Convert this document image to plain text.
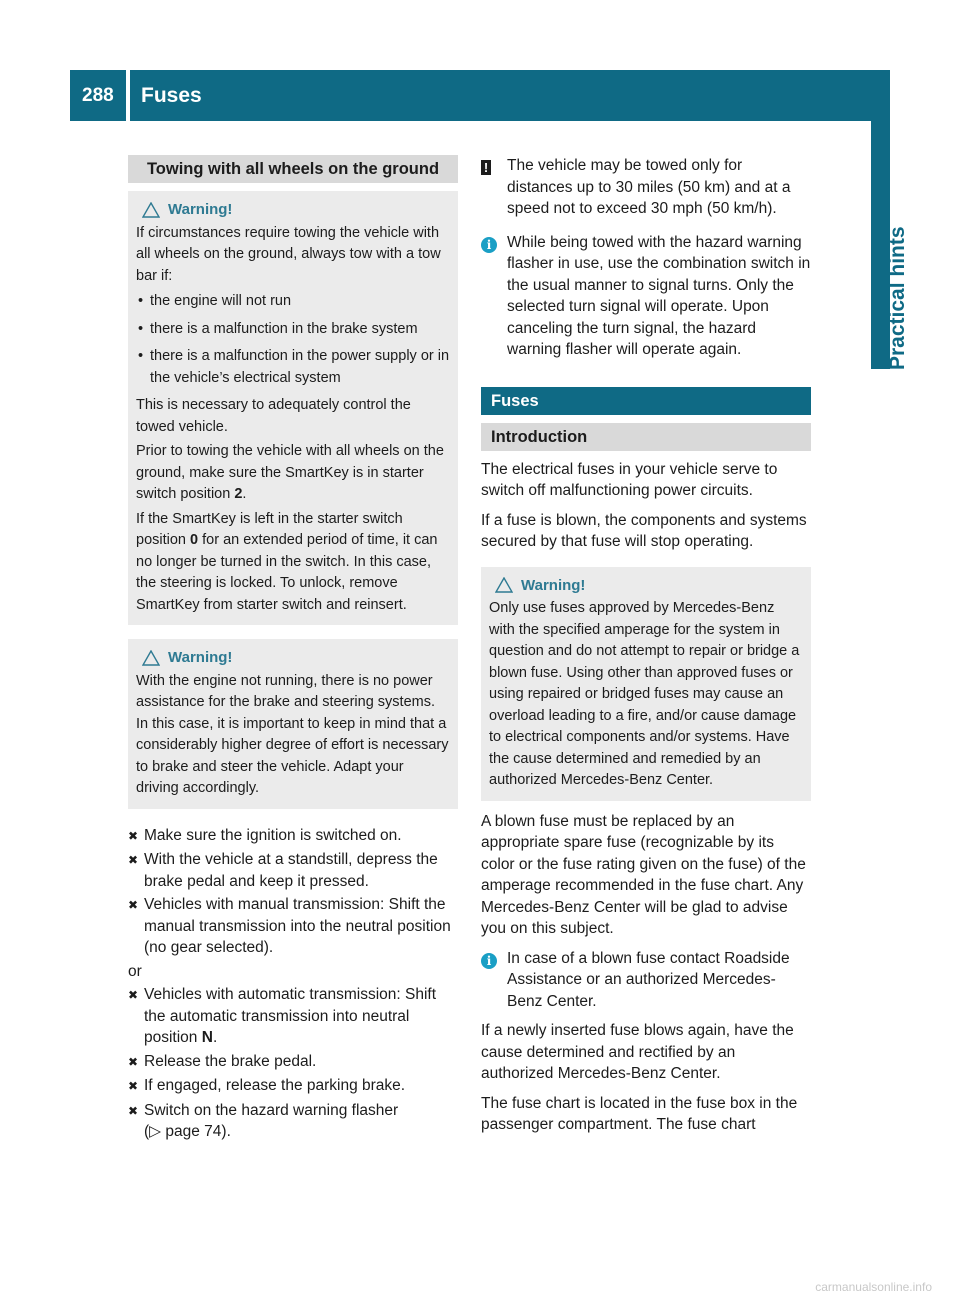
288	Fuses
Practical hints
Towing with all wheels on the ground
Warning!

If circumstances require towing the vehicle with all wheels on the ground, always tow with a tow bar if:

• the engine will not run
• there is a malfunction in the brake system
• there is a malfunction in the power supply or in the vehicle’s electrical system

This is necessary to adequately control the towed vehicle.

Prior to towing the vehicle with all wheels on the ground, make sure the SmartKey is in starter switch position 2.

If the SmartKey is left in the starter switch position 0 for an extended period of time, it can no longer be turned in the switch. In this case, the steering is locked. To unlock, remove SmartKey from starter switch and reinsert.

Warning!

With the engine not running, there is no power assistance for the brake and steering systems. In this case, it is important to keep in mind that a considerably higher degree of effort is necessary to brake and steer the vehicle. Adapt your driving accordingly.

✖ Make sure the ignition is switched on.
✖ With the vehicle at a standstill, depress the brake pedal and keep it pressed.
✖ Vehicles with manual transmission: Shift the manual transmission into the neutral position (no gear selected).
or
✖ Vehicles with automatic transmission: Shift the automatic transmission into neutral position N.
✖ Release the brake pedal.
✖ If engaged, release the parking brake.
✖ Switch on the hazard warning flasher
(▷ page 74).
!	The vehicle may be towed only for distances up to 30 miles (50 km) and at a speed not to exceed 30 mph (50 km/h).
i	While being towed with the hazard warning flasher in use, use the combination switch in the usual manner to signal turns. Only the selected turn signal will operate. Upon canceling the turn signal, the hazard warning flasher will operate again.
Fuses
Introduction

The electrical fuses in your vehicle serve to switch off malfunctioning power circuits.

If a fuse is blown, the components and systems secured by that fuse will stop operating.

Warning!

Only use fuses approved by Mercedes-Benz with the specified amperage for the system in question and do not attempt to repair or bridge a blown fuse. Using other than approved fuses or using repaired or bridged fuses may cause an overload leading to a fire, and/or cause damage to electrical components and/or systems. Have the cause determined and remedied by an authorized Mercedes-Benz Center.

A blown fuse must be replaced by an appropriate spare fuse (recognizable by its color or the fuse rating given on the fuse) of the amperage recommended in the fuse chart. Any Mercedes-Benz Center will be glad to advise you on this subject.

i	In case of a blown fuse contact Roadside Assistance or an authorized Mercedes-Benz Center.

If a newly inserted fuse blows again, have the cause determined and rectified by an authorized Mercedes-Benz Center.

The fuse chart is located in the fuse box in the passenger compartment. The fuse chart

carmanualsonline.info
